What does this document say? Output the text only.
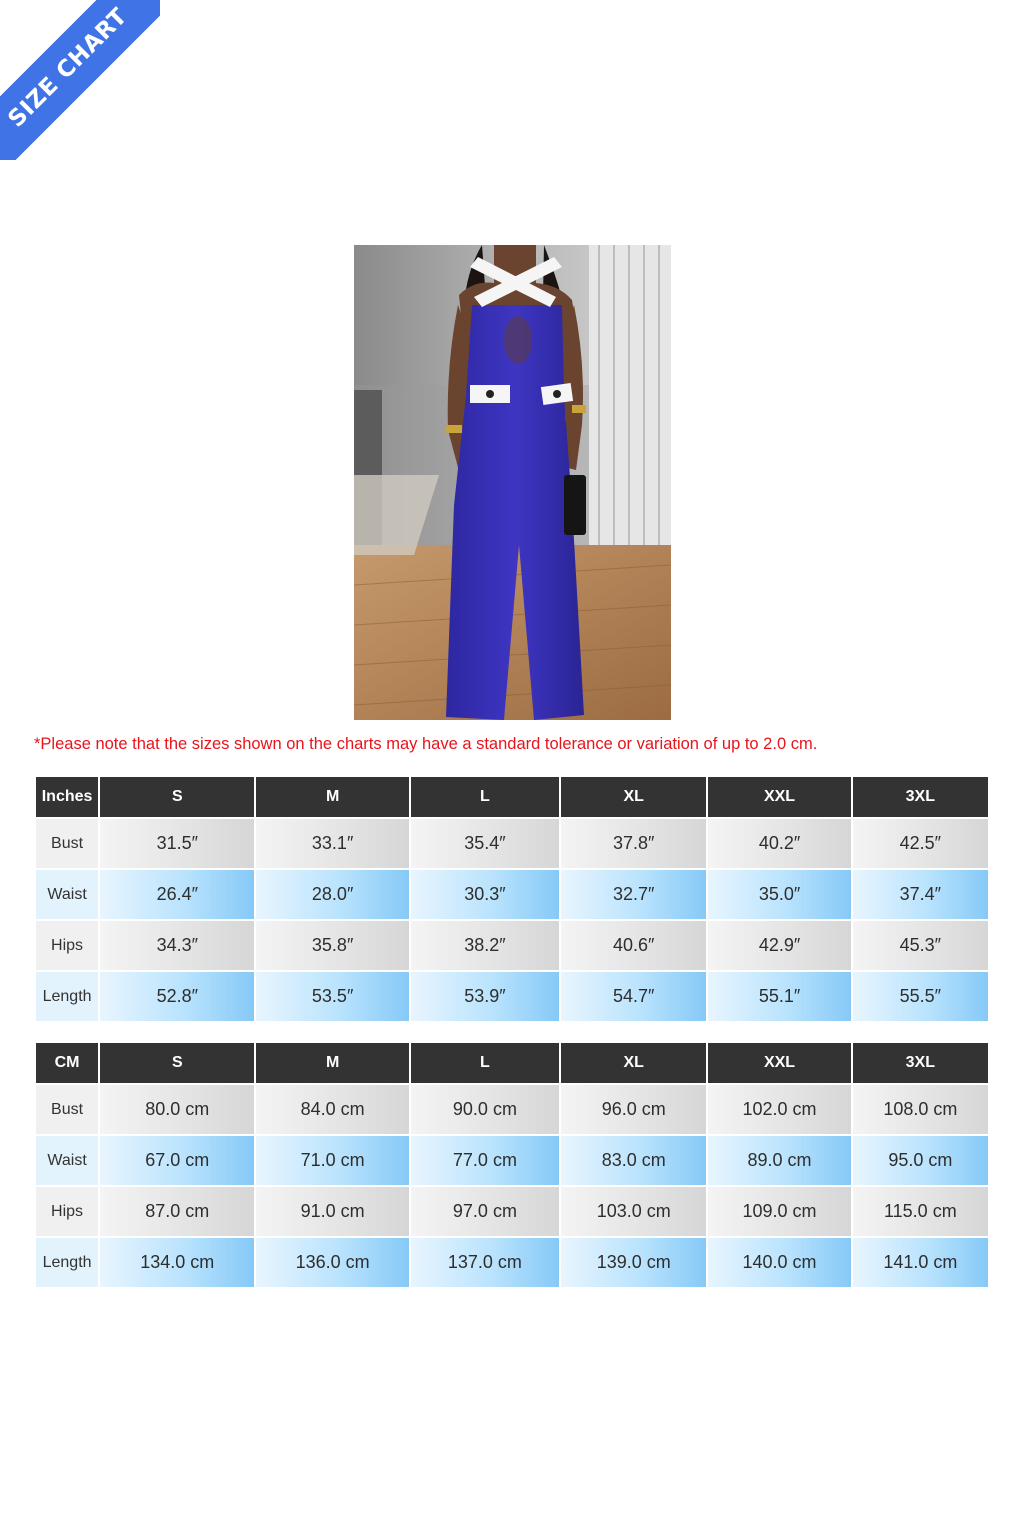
SIZE CHART
*Please note that the sizes shown on the charts may have a standard tolerance or variation of up to 2.0 cm.
Inches	S	M	L	XL	XXL	3XL
Bust	31.5″	33.1″	35.4″	37.8″	40.2″	42.5″
Waist	26.4″	28.0″	30.3″	32.7″	35.0″	37.4″
Hips	34.3″	35.8″	38.2″	40.6″	42.9″	45.3″
Length	52.8″	53.5″	53.9″	54.7″	55.1″	55.5″
CM	S	M	L	XL	XXL	3XL
Bust	80.0 cm	84.0 cm	90.0 cm	96.0 cm	102.0 cm	108.0 cm
Waist	67.0 cm	71.0 cm	77.0 cm	83.0 cm	89.0 cm	95.0 cm
Hips	87.0 cm	91.0 cm	97.0 cm	103.0 cm	109.0 cm	115.0 cm
Length	134.0 cm	136.0 cm	137.0 cm	139.0 cm	140.0 cm	141.0 cm
